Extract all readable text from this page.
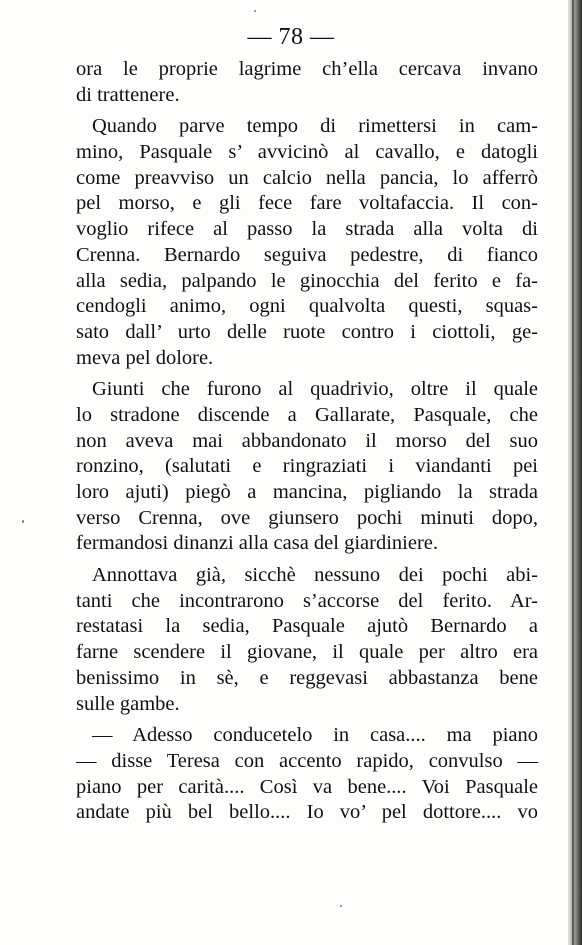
— 78 —
ora le proprie lagrime ch’ella cercava invano
di trattenere.
Quando parve tempo di rimettersi in cam-
mino, Pasquale s’ avvicinò al cavallo, e datogli
come preavviso un calcio nella pancia, lo afferrò
pel morso, e gli fece fare voltafaccia. Il con-
voglio rifece al passo la strada alla volta di
Crenna. Bernardo seguiva pedestre, di fianco
alla sedia, palpando le ginocchia del ferito e fa-
cendogli animo, ogni qualvolta questi, squas-
sato dall’ urto delle ruote contro i ciottoli, ge-
meva pel dolore.
Giunti che furono al quadrivio, oltre il quale
lo stradone discende a Gallarate, Pasquale, che
non aveva mai abbandonato il morso del suo
ronzino, (salutati e ringraziati i viandanti pei
loro ajuti) piegò a mancina, pigliando la strada
verso Crenna, ove giunsero pochi minuti dopo,
fermandosi dinanzi alla casa del giardiniere.
Annottava già, sicchè nessuno dei pochi abi-
tanti che incontrarono s’accorse del ferito. Ar-
restatasi la sedia, Pasquale ajutò Bernardo a
farne scendere il giovane, il quale per altro era
benissimo in sè, e reggevasi abbastanza bene
sulle gambe.
— Adesso conducetelo in casa.... ma piano
— disse Teresa con accento rapido, convulso —
piano per carità.... Così va bene.... Voi Pasquale
andate più bel bello.... Io vo’ pel dottore.... vo
